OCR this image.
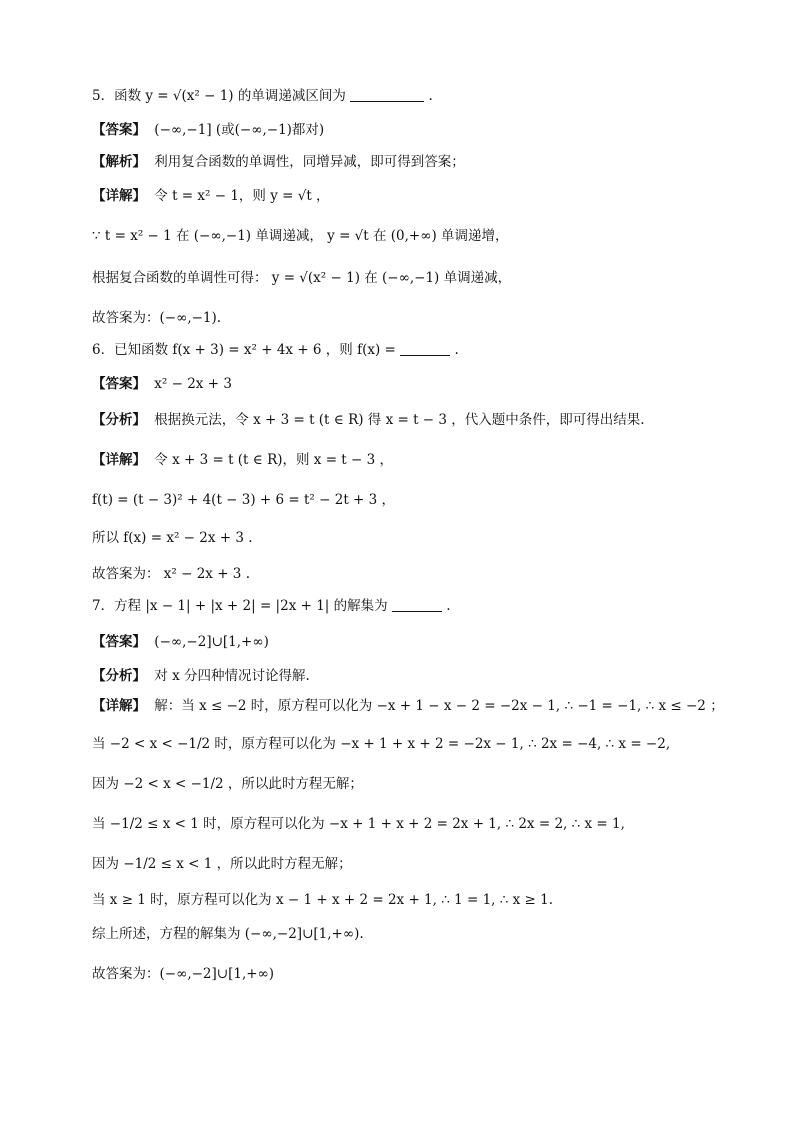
5．函数 y = √(x² − 1) 的单调递减区间为	.

【答案】 (−∞,−1] (或(−∞,−1)都对)

【解析】 利用复合函数的单调性，同增异减，即可得到答案；

【详解】 令 t = x² − 1，则 y = √t ，

∵ t = x² − 1 在 (−∞,−1) 单调递减， y = √t 在 (0,+∞) 单调递增，

根据复合函数的单调性可得： y = √(x² − 1) 在 (−∞,−1) 单调递减，

故答案为：(−∞,−1).

6．已知函数 f(x + 3) = x² + 4x + 6 ，则 f(x) =	.

【答案】 x² − 2x + 3

【分析】 根据换元法，令 x + 3 = t (t ∈ R) 得 x = t − 3 ，代入题中条件，即可得出结果.

【详解】 令 x + 3 = t (t ∈ R)，则 x = t − 3 ，

f(t) = (t − 3)² + 4(t − 3) + 6 = t² − 2t + 3 ，

所以 f(x) = x² − 2x + 3 .

故答案为： x² − 2x + 3 .

7．方程 |x − 1| + |x + 2| = |2x + 1| 的解集为	.

【答案】 (−∞,−2]∪[1,+∞)

【分析】 对 x 分四种情况讨论得解.

【详解】 解：当 x ≤ −2 时，原方程可以化为 −x + 1 − x − 2 = −2x − 1, ∴ −1 = −1, ∴ x ≤ −2 ；

当 −2 < x < −1/2 时，原方程可以化为 −x + 1 + x + 2 = −2x − 1, ∴ 2x = −4, ∴ x = −2,

因为 −2 < x < −1/2 ，所以此时方程无解；

当 −1/2 ≤ x < 1 时，原方程可以化为 −x + 1 + x + 2 = 2x + 1, ∴ 2x = 2, ∴ x = 1,

因为 −1/2 ≤ x < 1 ，所以此时方程无解；

当 x ≥ 1 时，原方程可以化为 x − 1 + x + 2 = 2x + 1, ∴ 1 = 1, ∴ x ≥ 1.

综上所述，方程的解集为 (−∞,−2]∪[1,+∞).

故答案为：(−∞,−2]∪[1,+∞)
